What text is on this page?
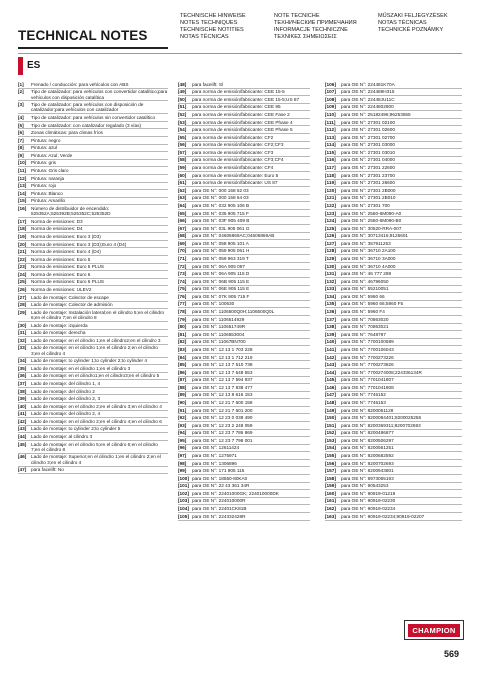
TECHNICAL NOTES
TECHNISCHE HINWEISE
NOTES TECHNIQUES
TECHNISCHE NOTITIES
NOTAS TÉCNICAS
NOTE TECNICHE
ТЕХНИЧЕСКИЕ ПРИМЕЧАНИЯ
INFORMACJE TECHNICZNE
ΤΕΧΝΙΚΕΣ ΣΗΜΕΙΩΣΕΙΣ
MŰSZAKI FELJEGYZÉSEK
NOTAS TÉCNICAS
TECHNICKÉ POZNÁMKY
ES
[1]	Frenado / conducción: para vehículos con ABS
[2]	Tipo de catalizador: para vehículos con convertidor catalítico;para vehículos con disposición catalítica
[3]	Tipo de catalizador: para vehículos con disposición de catalizador;para vehículos con catalizador
[4]	Tipo de catalizador: para vehículos sin convertidor catalítico
[5]	Tipo de catalizador: con catalizador regulado (3 vías)
[6]	Zonas climáticas: para climas fríos
[7]	Pintura: negro
[8]	Pintura: azul
[9]	Pintura: Azul; Verde
[10] Pintura: gris
[11]	Pintura: Gris claro
[12] Pintura: naranja
[13] Pintura: rojo
[14] Pintura: Blanco
[15] Pintura: Amarillo
[16] Número de distribuidor de encendido: 525352A;525392B;525352C;525352D
[17] Norma de emisiones: D3
[18] Norma de emisiones: D4
[19] Norma de emisiones: Euro 3 (D3)
[20] Norma de emisiones: Euro 3 (D3);Euro 4 (D4)
[21] Norma de emisiones: Euro 4 (D4)
[22] Norma de emisiones: Euro 5
[23] Norma de emisiones: Euro 5 PLUS
[24] Norma de emisiones: Euro 6
[25] Norma de emisiones: Euro 6 PLUS
[26] Norma de emisiones: ULEV2
[27] Lado de montaje: Colector de escape
[28] Lado de montaje: Colector de admisión
[29] Lado de montaje: Instalación lateral;en el cilindro 5;en el cilindro 6;en el cilindro 7;en el cilindro 8
[30] Lado de montaje: izquierda
[31] Lado de montaje: derecha
[32] Lado de montaje: en el cilindro 1;en el cilindro2;en el cilindro 3
[33] Lado de montaje: en el cilindro 1;en el cilindro 2;en el cilindro 3;en el cilindro 4
[34] Lado de montaje: to cylinder 1;to cylinder 2;to cylinder 4
[35] Lado de montaje: en el cilindro 1;en el cilindro 3
[36] Lado de montaje: en el cilindro1;en el cilindro3;en el cilindro 5
[37] Lado de montaje: del cilindro 1, 4
[38] Lado de montaje: del cilindro 2
[39] Lado de montaje: del cilindro 2, 3
[40] Lado de montaje: en el cilindro 2;en el cilindro 3;en el cilindro 4
[41] Lado de montaje: del cilindro 2, 4
[42] Lado de montaje: en el cilindro 2;en el cilindro 4;en el cilindro 6
[43] Lado de montaje: to cylinder 2;to cylinder 5
[44] Lado de montaje: al cilindro 3
[45] Lado de montaje: en el cilindro 5;en el cilindro 6;en el cilindro 7;en el cilindro 8
[46] Lado de montaje: Superior;en el cilindro 1;en el cilindro 2;en el cilindro 3;en el cilindro 4
[47] para facelift: No
[48]	para facelift: Sí
[49]	para norma de emisión/fabricante: CEE 15-5
[50]	para norma de emisión/fabricante: CEE 15-5;US 87
[51]	para norma de emisión/fabricante: CEE 95
[52]	para norma de emisión/fabricante: CEE Fase 2
[53]	para norma de emisión/fabricante: CEE Phase 4
[54]	para norma de emisión/fabricante: CEE Phase 5
[55]	para norma de emisión/fabricante: CF2
[56]	para norma de emisión/fabricante: CF2;CF3
[57]	para norma de emisión/fabricante: CF3
[58]	para norma de emisión/fabricante: CF3;CF4
[59]	para norma de emisión/fabricante: CF4
[60]	para norma de emisión/fabricante: Euro 5
[61]	para norma de emisión/fabricante: US 87
[62]	para OE N°: 000 158 62 03
[63]	para OE N°: 000 158 64 03
[64]	para OE N°: 032 905 106 B
[65]	para OE N°: 036 905 715 F
[66]	para OE N°: 03F 905 409 B
[67]	para OE N°: 03L 905 061 G
[68]	para OE N°: 04606869AC;04606869AB
[69]	para OE N°: 058 905 101 A
[70]	para OE N°: 059 905 061 H
[71]	para OE N°: 059 963 319 T
[72]	para OE N°: 06A 905 097
[73]	para OE N°: 06A 905 115 D
[74]	para OE N°: 06B 905 115 E
[75]	para OE N°: 06E 905 115 E
[76]	para OE N°: 07K 905 715 F
[77]	para OE N°: 100630
[78]	para OE N°: 1106500Q0H;1106500Q0L
[79]	para OE N°: 1106514929
[80]	para OE N°: 110651749R
[81]	para OE N°: 1106553004
[82]	para OE N°: 11067BN700
[83]	para OE N°: 12 13 1 703 228
[84]	para OE N°: 12 13 1 712 219
[85]	para OE N°: 12 13 7 510 738
[86]	para OE N°: 12 13 7 548 553
[87]	para OE N°: 12 13 7 594 937
[88]	para OE N°: 12 13 7 838 477
[89]	para OE N°: 12 13 8 616 153
[90]	para OE N°: 12 21 7 600 158
[91]	para OE N°: 12 21 7 601 200
[92]	para OE N°: 12 23 0 038 490
[93]	para OE N°: 12 23 2 248 059
[94]	para OE N°: 12 23 7 786 869
[95]	para OE N°: 12 23 7 798 001
[96]	para OE N°: 12611424
[97]	para OE N°: 1275971
[98]	para OE N°: 1306896
[99]	para OE N°: 171 905 115
[100] para OE N°: 18550-80KA0
[101] para OE N°: 22 43 361 34R
[102] para OE N°: 22401000GK; 224010000DK
[103] para OE N°: 224010000R
[104] para OE N°: 22401CK81B
[105] para OE N°: 224332428R
[106]	para OE N°: 224481K70A
[107]	para OE N°: 224489H315
[108]	para OE N°: 22448JU11C
[109]	para OE N°: 2244802800
[110]	para OE N°: 25182496;96253555
[111]	para OE N°: 27301 02100
[112]	para OE N°: 27301 02600
[113]	para OE N°: 27301 02700
[114]	para OE N°: 27301 03000
[115]	para OE N°: 27301 03010
[116]	para OE N°: 27301 04000
[117]	para OE N°: 27301 22600
[118]	para OE N°: 27301 23700
[119]	para OE N°: 27301 26600
[120]	para OE N°: 27301 2B000
[121]	para OE N°: 27301 2B010
[122]	para OE N°: 27301 700
[123]	para OE N°: 2560-6M090-A0
[124]	para OE N°: 2560-6M090-B0
[125]	para OE N°: 30520-RRA-007
[126]	para OE N°: 30713416;9125601
[127]	para OE N°: 357911253
[128]	para OE N°: 36710 2A100
[129]	para OE N°: 36710 3A000
[130]	para OE N°: 36710 4A000
[131]	para OE N°: 46 777 288
[132]	para OE N°: 46796050
[133]	para OE N°: 55210051
[134]	para OE N°: 5960 66
[135]	para OE N°: 5960 66;5960 F5
[136]	para OE N°: 5960 F4
[137]	para OE N°: 70863020
[138]	para OE N°: 70863021
[139]	para OE N°: 7648797
[140]	para OE N°: 7700100589
[141]	para OE N°: 7700106043
[142]	para OE N°: 7700273226
[143]	para OE N°: 7700273826
[144]	para OE N°: 7700274008;224336134R
[145]	para OE N°: 7701041807
[146]	para OE N°: 7701041808
[147]	para OE N°: 7746152
[148]	para OE N°: 7746153
[149]	para OE N°: 8200051128
[150]	para OE N°: 8200084401;8200025256
[151]	para OE N°: 8200369311;8200702693
[152]	para OE N°: 8200486877
[153]	para OE N°: 8200506297
[154]	para OE N°: 8200561251
[155]	para OE N°: 8200682592
[156]	para OE N°: 8200702693
[157]	para OE N°: 8200943801
[158]	para OE N°: 8973065193
[159]	para OE N°: 90543253
[160]	para OE N°: 90919-01218
[161]	para OE N°: 90919-02230
[162]	para OE N°: 90919-02234
[163]	para OE N°: 90919-02234;90919-02207
CHAMPION
569
